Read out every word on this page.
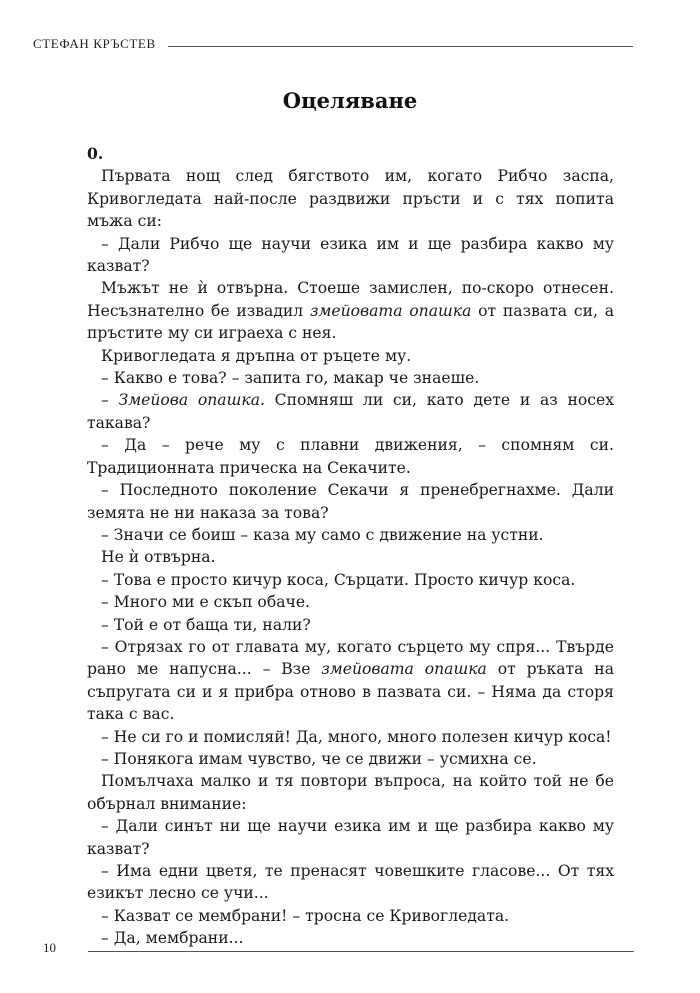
СТЕФАН КРЪСТЕВ
Оцеляване

0.

Първата нощ след бягството им, когато Рибчо заспа, Кривогледата най-после раздвижи пръсти и с тях попита мъжа си:

– Дали Рибчо ще научи езика им и ще разбира какво му казват?

Мъжът не ѝ отвърна. Стоеше замислен, по-скоро отнесен. Несъзнателно бе извадил змейовата опашка от пазвата си, а пръстите му си играеха с нея.

Кривогледата я дръпна от ръцете му.

– Какво е това? – запита го, макар че знаеше.

– Змейова опашка. Спомняш ли си, като дете и аз носех такава?

– Да – рече му с плавни движения, – спомням си. Традиционната прическа на Секачите.

– Последното поколение Секачи я пренебрегнахме. Дали земята не ни наказа за това?

– Значи се боиш – каза му само с движение на устни.

Не ѝ отвърна.

– Това е просто кичур коса, Сърцати. Просто кичур коса.

– Много ми е скъп обаче.

– Той е от баща ти, нали?

– Отрязах го от главата му, когато сърцето му спря... Твърде рано ме напусна... – Взе змейовата опашка от ръката на съпругата си и я прибра отново в пазвата си. – Няма да сторя така с вас.

– Не си го и помисляй! Да, много, много полезен кичур коса!

– Понякога имам чувство, че се движи – усмихна се.

Помълчаха малко и тя повтори въпроса, на който той не бе обърнал внимание:

– Дали синът ни ще научи езика им и ще разбира какво му казват?

– Има едни цветя, те пренасят човешките гласове... От тях езикът лесно се учи...

– Казват се мембрани! – тросна се Кривогледата.

– Да, мембрани...

10
